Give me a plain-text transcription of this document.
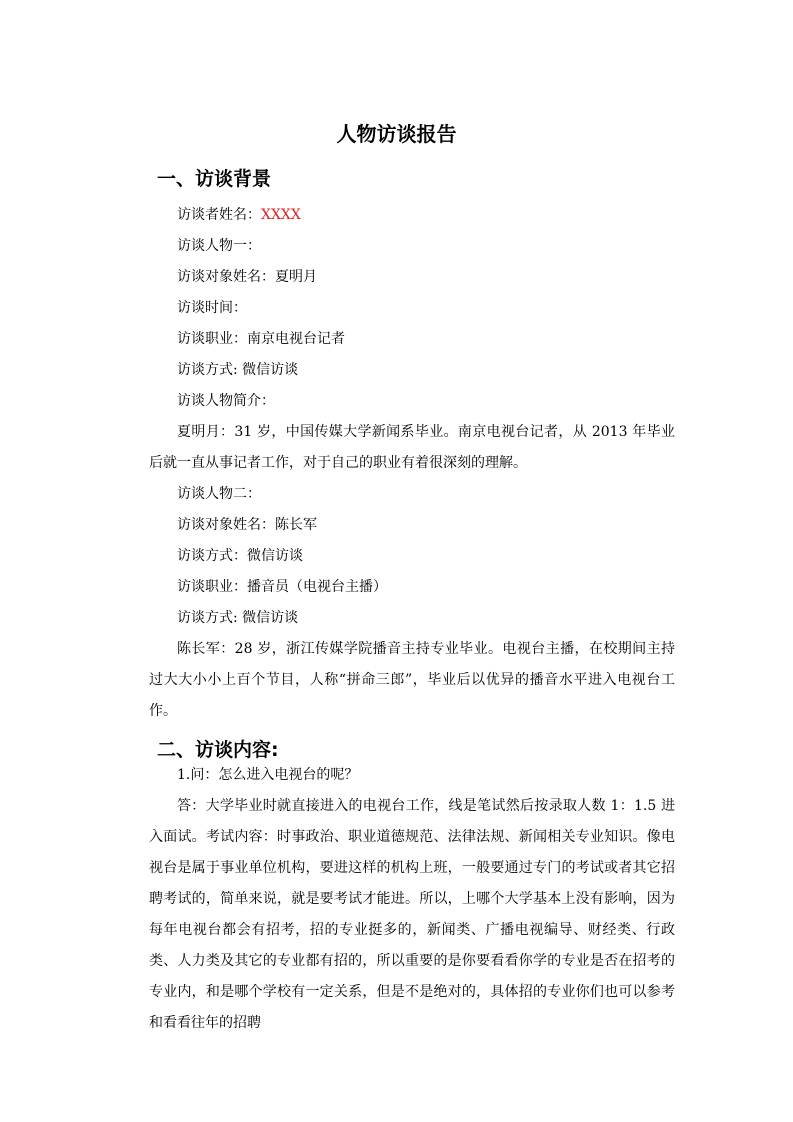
人物访谈报告
一、访谈背景
访谈者姓名：XXXX
访谈人物一：
访谈对象姓名：夏明月
访谈时间：
访谈职业：南京电视台记者
访谈方式: 微信访谈
访谈人物简介：

夏明月：31 岁，中国传媒大学新闻系毕业。南京电视台记者，从 2013 年毕业后就一直从事记者工作，对于自己的职业有着很深刻的理解。

访谈人物二：
访谈对象姓名：陈长军
访谈方式：微信访谈
访谈职业：播音员（电视台主播）
访谈方式: 微信访谈

陈长军：28 岁，浙江传媒学院播音主持专业毕业。电视台主播，在校期间主持过大大小小上百个节目，人称“拼命三郎”，毕业后以优异的播音水平进入电视台工作。

二、访谈内容:
1.问：怎么进入电视台的呢？

答：大学毕业时就直接进入的电视台工作，线是笔试然后按录取人数 1：1.5 进入面试。考试内容：时事政治、职业道德规范、法律法规、新闻相关专业知识。像电视台是属于事业单位机构，要进这样的机构上班，一般要通过专门的考试或者其它招聘考试的，简单来说，就是要考试才能进。所以，上哪个大学基本上没有影响，因为每年电视台都会有招考，招的专业挺多的，新闻类、广播电视编导、财经类、行政类、人力类及其它的专业都有招的，所以重要的是你要看看你学的专业是否在招考的专业内，和是哪个学校有一定关系，但是不是绝对的，具体招的专业你们也可以参考和看看往年的招聘
